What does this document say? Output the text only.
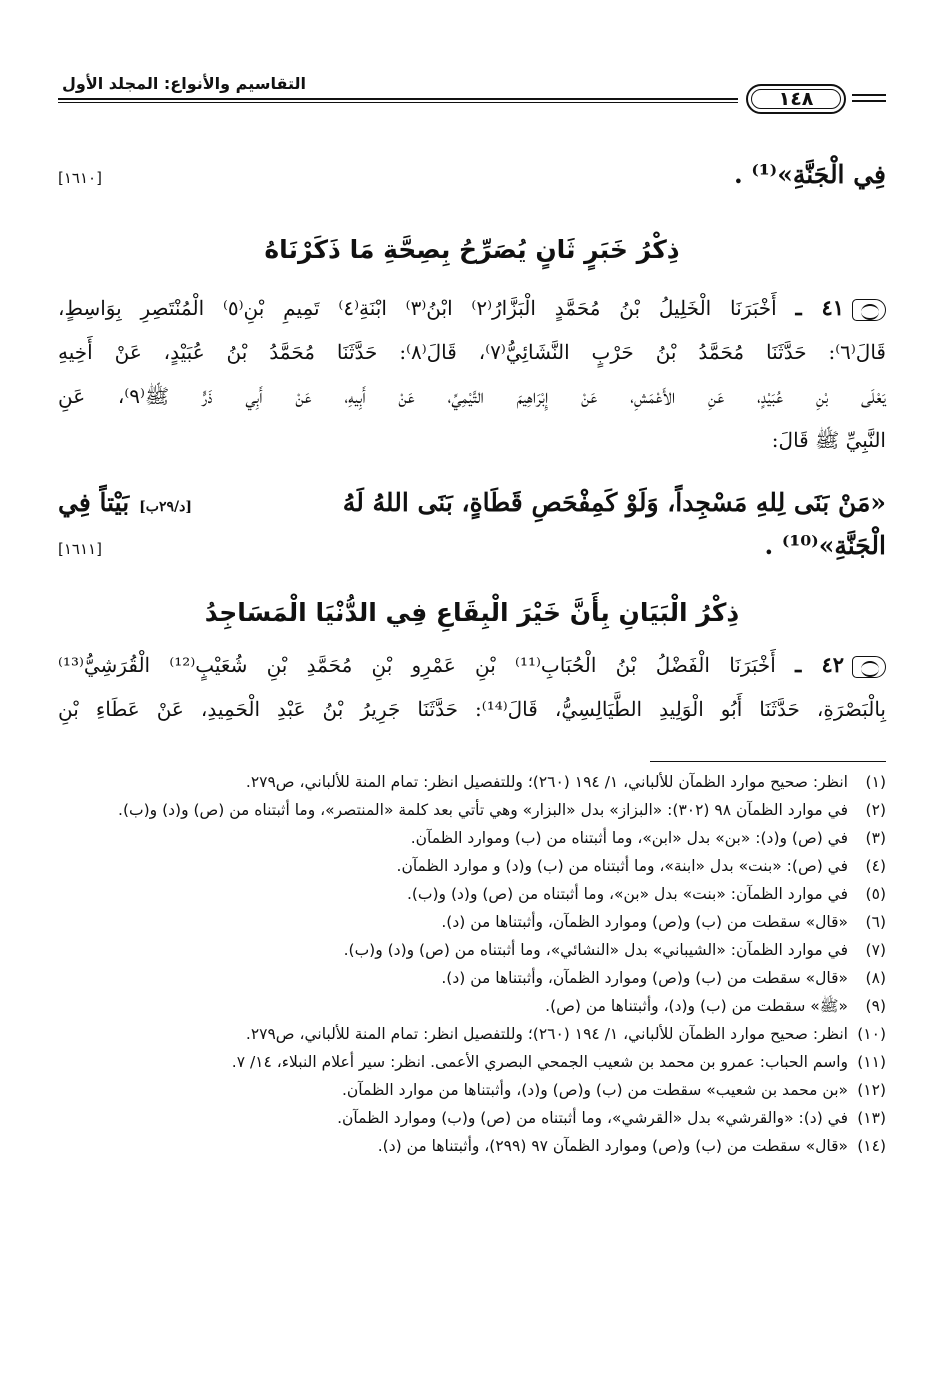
١٤٨
التقاسيم والأنواع: المجلد الأول
فِي الْجَنَّةِ»⁽¹⁾ .
[١٦١٠]
ذِكْرُ خَبَرٍ ثَانٍ يُصَرِّحُ بِصِحَّةِ مَا ذَكَرْنَاهُ
٤١ ـ أَخْبَرَنَا الْخَلِيلُ بْنُ مُحَمَّدٍ الْبَزَّارُ⁽٢⁾ ابْنُ⁽٣⁾ ابْنَةِ⁽٤⁾ تَمِيمِ بْنِ⁽٥⁾ الْمُنْتَصِرِ بِوَاسِطٍ،
قَالَ⁽٦⁾: حَدَّثَنَا مُحَمَّدُ بْنُ حَرْبٍ النَّشَائِيُّ⁽٧⁾، قَالَ⁽٨⁾: حَدَّثَنَا مُحَمَّدُ بْنُ عُبَيْدٍ، عَنْ أَخِيهِ
يَعْلَى بْنِ عُبَيْدٍ، عَنِ الأَعْمَشِ، عَنْ إِبْرَاهِيمَ التَّيْمِيِّ، عَنْ أَبِيهِ، عَنْ أَبِي ذَرٍّ ﷺ⁽٩⁾، عَنِ
النَّبِيِّ ﷺ قَالَ:
«مَنْ بَنَى لِلهِ مَسْجِداً، وَلَوْ كَمِفْحَصِ قَطَاةٍ، بَنَى اللهُ لَهُ
[د/٢٩ب]
بَيْتاً فِي
الْجَنَّةِ»⁽¹⁰⁾ .
[١٦١١]
ذِكْرُ الْبَيَانِ بِأَنَّ خَيْرَ الْبِقَاعِ فِي الدُّنْيَا الْمَسَاجِدُ
٤٢ ـ أَخْبَرَنَا الْفَضْلُ بْنُ الْحُبَابِ⁽¹¹⁾ بْنِ عَمْرِو بْنِ مُحَمَّدِ بْنِ شُعَيْبٍ⁽¹²⁾ الْقُرَشِيُّ⁽¹³⁾
بِالْبَصْرَةِ، حَدَّثَنَا أَبُو الْوَلِيدِ الطَّيَالِسِيُّ، قَالَ⁽¹⁴⁾: حَدَّثَنَا جَرِيرُ بْنُ عَبْدِ الْحَمِيدِ، عَنْ عَطَاءِ بْنِ
(١)
انظر: صحيح موارد الظمآن للألباني، ١/ ١٩٤ (٢٦٠)؛ وللتفصيل انظر: تمام المنة للألباني، ص٢٧٩.
(٢)
في موارد الظمآن ٩٨ (٣٠٢): «البزاز» بدل «البزار» وهي تأتي بعد كلمة «المنتصر»، وما أثبتناه من (ص) و(د) و(ب).
(٣)
في (ص) و(د): «بن» بدل «ابن»، وما أثبتناه من (ب) وموارد الظمآن.
(٤)
في (ص): «بنت» بدل «ابنة»، وما أثبتناه من (ب) و(د) و موارد الظمآن.
(٥)
في موارد الظمآن: «بنت» بدل «بن»، وما أثبتناه من (ص) و(د) و(ب).
(٦)
«قال» سقطت من (ب) و(ص) وموارد الظمآن، وأثبتناها من (د).
(٧)
في موارد الظمآن: «الشيباني» بدل «النشائي»، وما أثبتناه من (ص) و(د) و(ب).
(٨)
«قال» سقطت من (ب) و(ص) وموارد الظمآن، وأثبتناها من (د).
(٩)
«ﷺ» سقطت من (ب) و(د)، وأثبتناها من (ص).
(١٠)
انظر: صحيح موارد الظمآن للألباني، ١/ ١٩٤ (٢٦٠)؛ وللتفصيل انظر: تمام المنة للألباني، ص٢٧٩.
(١١)
واسم الحباب: عمرو بن محمد بن شعيب الجمحي البصري الأعمى. انظر: سير أعلام النبلاء، ١٤/ ٧.
(١٢)
«بن محمد بن شعيب» سقطت من (ب) و(ص) و(د)، وأثبتناها من موارد الظمآن.
(١٣)
في (د): «والقرشي» بدل «القرشي»، وما أثبتناه من (ص) و(ب) وموارد الظمآن.
(١٤)
«قال» سقطت من (ب) و(ص) وموارد الظمآن ٩٧ (٢٩٩)، وأثبتناها من (د).
